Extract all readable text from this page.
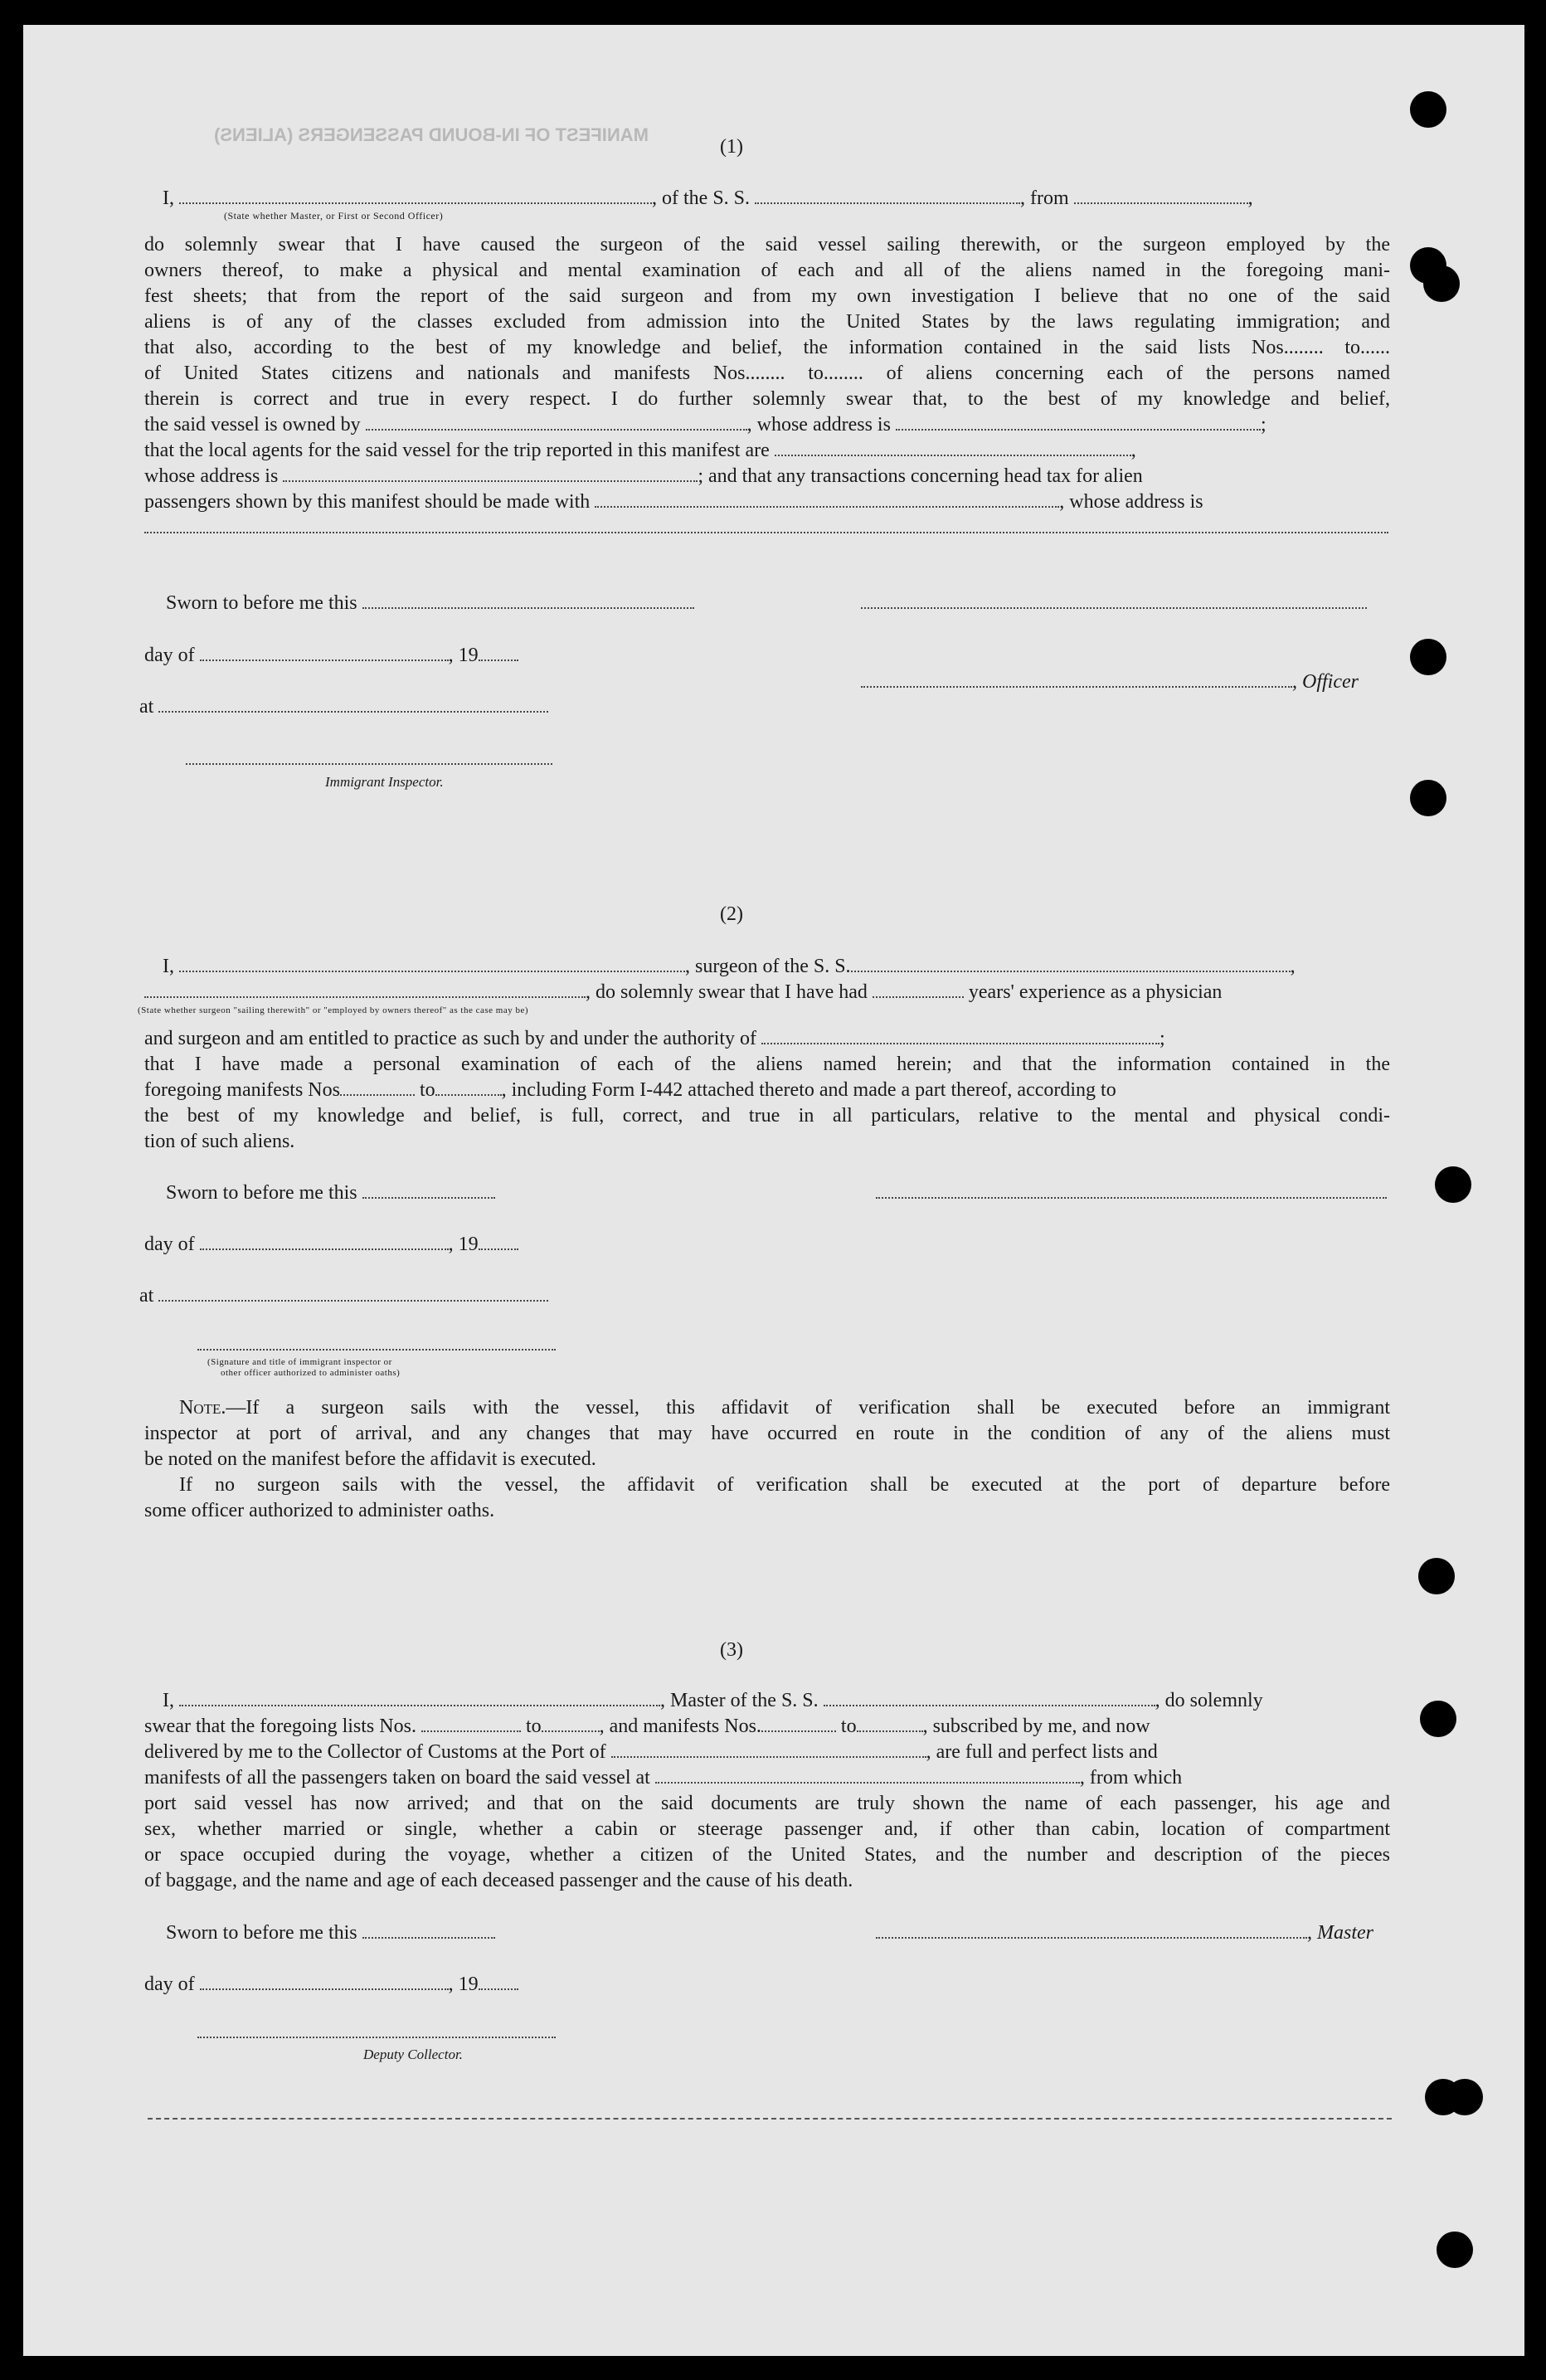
MANIFEST OF IN-BOUND PASSENGERS (ALIENS)
(1)
I,	, of the S. S.	, from	,
(State whether Master, or First or Second Officer)
do solemnly swear that I have caused the surgeon of the said vessel sailing therewith, or the surgeon employed by the
owners thereof, to make a physical and mental examination of each and all of the aliens named in the foregoing mani-
fest sheets; that from the report of the said surgeon and from my own investigation I believe that no one of the said
aliens is of any of the classes excluded from admission into the United States by the laws regulating immigration; and
that also, according to the best of my knowledge and belief, the information contained in the said lists Nos........ to......
of United States citizens and nationals and manifests Nos........ to........ of aliens concerning each of the persons named
therein is correct and true in every respect. I do further solemnly swear that, to the best of my knowledge and belief,
the said vessel is owned by	, whose address is	;
that the local agents for the said vessel for the trip reported in this manifest are	,
whose address is	; and that any transactions concerning head tax for alien
passengers shown by this manifest should be made with	, whose address is
Sworn to before me this
day of	, 19
, Officer
at
Immigrant Inspector.
(2)
I,	, surgeon of the S. S.	,
, do solemnly swear that I have had	years' experience as a physician
(State whether surgeon "sailing therewith" or "employed by owners thereof" as the case may be)
and surgeon and am entitled to practice as such by and under the authority of	;
that I have made a personal examination of each of the aliens named herein; and that the information contained in the
foregoing manifests Nos	to	, including Form I-442 attached thereto and made a part thereof, according to
the best of my knowledge and belief, is full, correct, and true in all particulars, relative to the mental and physical condi-
tion of such aliens.
Sworn to before me this
day of	, 19
at
(Signature and title of immigrant inspector or
other officer authorized to administer oaths)
Note.—If a surgeon sails with the vessel, this affidavit of verification shall be executed before an immigrant
inspector at port of arrival, and any changes that may have occurred en route in the condition of any of the aliens must
be noted on the manifest before the affidavit is executed.
If no surgeon sails with the vessel, the affidavit of verification shall be executed at the port of departure before
some officer authorized to administer oaths.
(3)
I,	, Master of the S. S.	, do solemnly
swear that the foregoing lists Nos.	to	, and manifests Nos.	to	, subscribed by me, and now
delivered by me to the Collector of Customs at the Port of	, are full and perfect lists and
manifests of all the passengers taken on board the said vessel at	, from which
port said vessel has now arrived; and that on the said documents are truly shown the name of each passenger, his age and
sex, whether married or single, whether a cabin or steerage passenger and, if other than cabin, location of compartment
or space occupied during the voyage, whether a citizen of the United States, and the number and description of the pieces
of baggage, and the name and age of each deceased passenger and the cause of his death.
Sworn to before me this	, Master
day of	, 19
Deputy Collector.
